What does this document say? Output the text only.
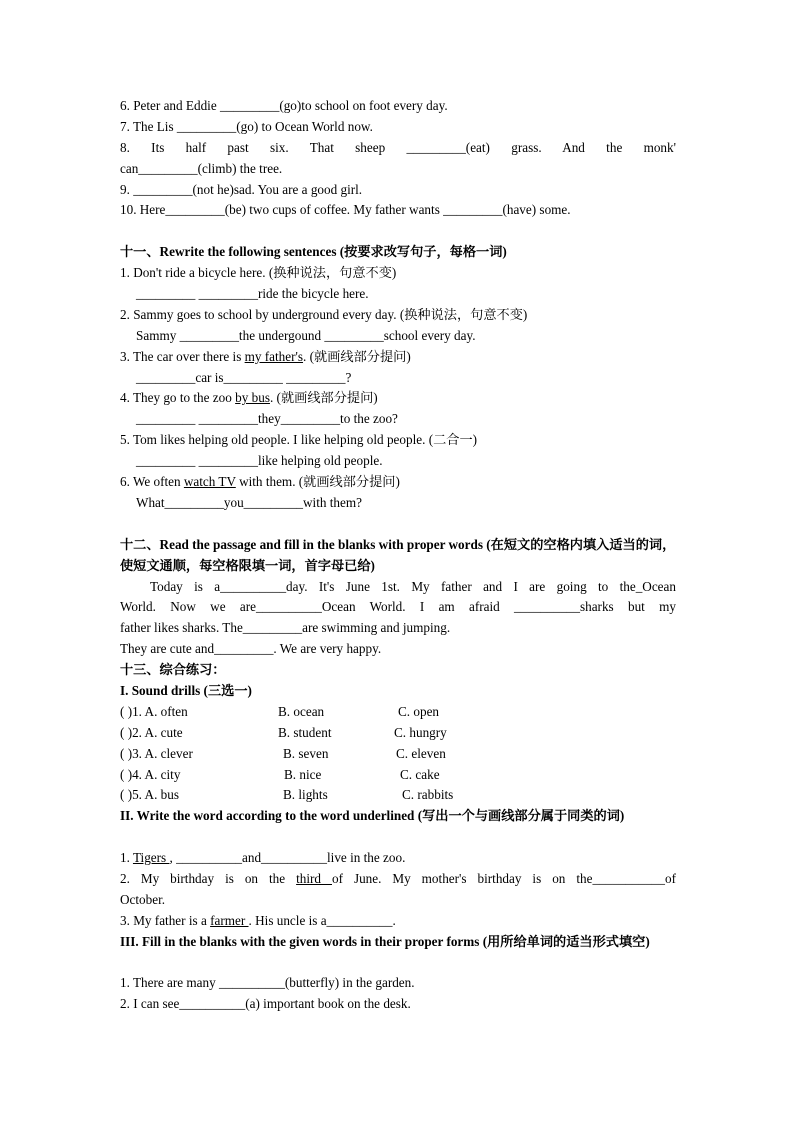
6. Peter and Eddie _________(go)to school on foot every day.
7. The Lis _________(go) to Ocean World now.
8. Its half past six. That sheep _________(eat) grass. And the monk'
can_________(climb) the tree.
9. _________(not he)sad. You are a good girl.
10. Here_________(be) two cups of coffee. My father wants _________(have) some.
十一、Rewrite the following sentences (按要求改写句子，每格一词)
1. Don't ride a bicycle here. (换种说法，句意不变)
_________ _________ride the bicycle here.
2. Sammy goes to school by underground every day. (换种说法，句意不变)
Sammy _________the undergound _________school every day.
3. The car over there is my father's. (就画线部分提问)
_________car is_________ _________?
4. They go to the zoo by bus. (就画线部分提问)
_________ _________they_________to the zoo?
5. Tom likes helping old people. I like helping old people. (二合一)
_________ _________like helping old people.
6. We often watch TV with them. (就画线部分提问)
What_________you_________with them?
十二、Read the passage and fill in the blanks with proper words (在短文的空格内填入适当的词，使短文通顺，每空格限填一词，首字母已给)
Today is a__________day. It's June 1st. My father and I are going to the_Ocean
World. Now we are__________Ocean World. I am afraid __________sharks but my
father likes sharks. The_________are swimming and jumping.
They are cute and_________. We are very happy.
十三、综合练习：
I. Sound drills (三选一)
( )1. A. often	B. ocean	C. open
( )2. A. cute	B. student	C. hungry
( )3. A. clever	B. seven	C. eleven
( )4. A. city	B. nice	C. cake
( )5. A. bus	B. lights	C. rabbits
II. Write the word according to the word underlined (写出一个与画线部分属于同类的词)
1. Tigers , __________and__________live in the zoo.
2. My birthday is on the third of June. My mother's birthday is on the___________of
October.
3. My father is a farmer . His uncle is a__________.
III. Fill in the blanks with the given words in their proper forms (用所给单词的适当形式填空)
1. There are many __________(butterfly) in the garden.
2. I can see__________(a) important book on the desk.
